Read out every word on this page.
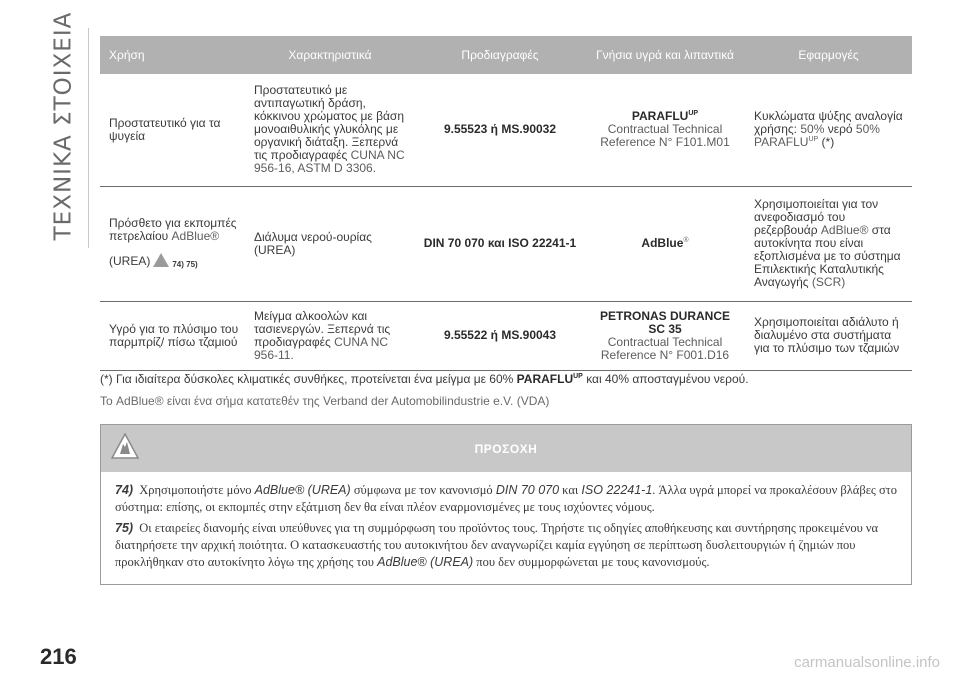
ΤΕΧΝΙΚΑ ΣΤΟΙΧΕΙΑ	Χρήση	Χαρακτηριστικά	Προδιαγραφές	Γνήσια υγρά και λιπαντικά	Εφαρμογές
Προστατευτικό για τα ψυγεία	Προστατευτικό με αντιπαγωτική δράση, κόκκινου χρώματος με βάση μονοαιθυλικής γλυκόλης με οργανική διάταξη. Ξεπερνά τις προδιαγραφές CUNA NC 956-16, ASTM D 3306.	9.55523 ή MS.90032	$PARAFLU^{UP}$
Contractual Technical
Reference N° F101.M01	Κυκλώματα ψύξης αναλογία χρήσης: 50% νερό 50% $PARAFLU^{UP}$ (*)
Πρόσθετο για εκπομπές πετρελαίου AdBlue®
(UREA) 74) 75)	Διάλυμα νερού-ουρίας (UREA)	DIN 70 070 και ISO 22241-1	AdBlue®	Χρησιμοποιείται για τον ανεφοδιασμό του ρεζερβουάρ AdBlue® στα αυτοκίνητα που είναι εξοπλισμένα με το σύστημα Επιλεκτικής Καταλυτικής Αναγωγής (SCR)
Υγρό για το πλύσιμο του παρμπρίζ/ πίσω τζαμιού	Μείγμα αλκοολών και τασιενεργών. Ξεπερνά τις προδιαγραφές CUNA NC 956-11.	9.55522 ή MS.90043	PETRONAS DURANCE SC 35
Contractual Technical
Reference N° F001.D16	Χρησιμοποιείται αδιάλυτο ή διαλυμένο στα συστήματα για το πλύσιμο των τζαμιών
(*) Για ιδιαίτερα δύσκολες κλιματικές συνθήκες, προτείνεται ένα μείγμα με 60% $PARAFLU^{UP}$ και 40% αποσταγμένου νερού.
Το AdBlue® είναι ένα σήμα κατατεθέν της Verband der Automobilindustrie e.V. (VDA)
ΠΡΟΣΟΧΗ

74) Χρησιμοποιήστε μόνο AdBlue® (UREA) σύμφωνα με τον κανονισμό DIN 70 070 και ISO 22241-1. Άλλα υγρά μπορεί να προκαλέσουν βλάβες στο σύστημα: επίσης, οι εκπομπές στην εξάτμιση δεν θα είναι πλέον εναρμονισμένες με τους ισχύοντες νόμους.

75) Οι εταιρείες διανομής είναι υπεύθυνες για τη συμμόρφωση του προϊόντος τους. Τηρήστε τις οδηγίες αποθήκευσης και συντήρησης προκειμένου να διατηρήσετε την αρχική ποιότητα. Ο κατασκευαστής του αυτοκινήτου δεν αναγνωρίζει καμία εγγύηση σε περίπτωση δυσλειτουργιών ή ζημιών που προκλήθηκαν στο αυτοκίνητο λόγω της χρήσης του AdBlue® (UREA) που δεν συμμορφώνεται με τους κανονισμούς.

216	carmanualsonline.info
